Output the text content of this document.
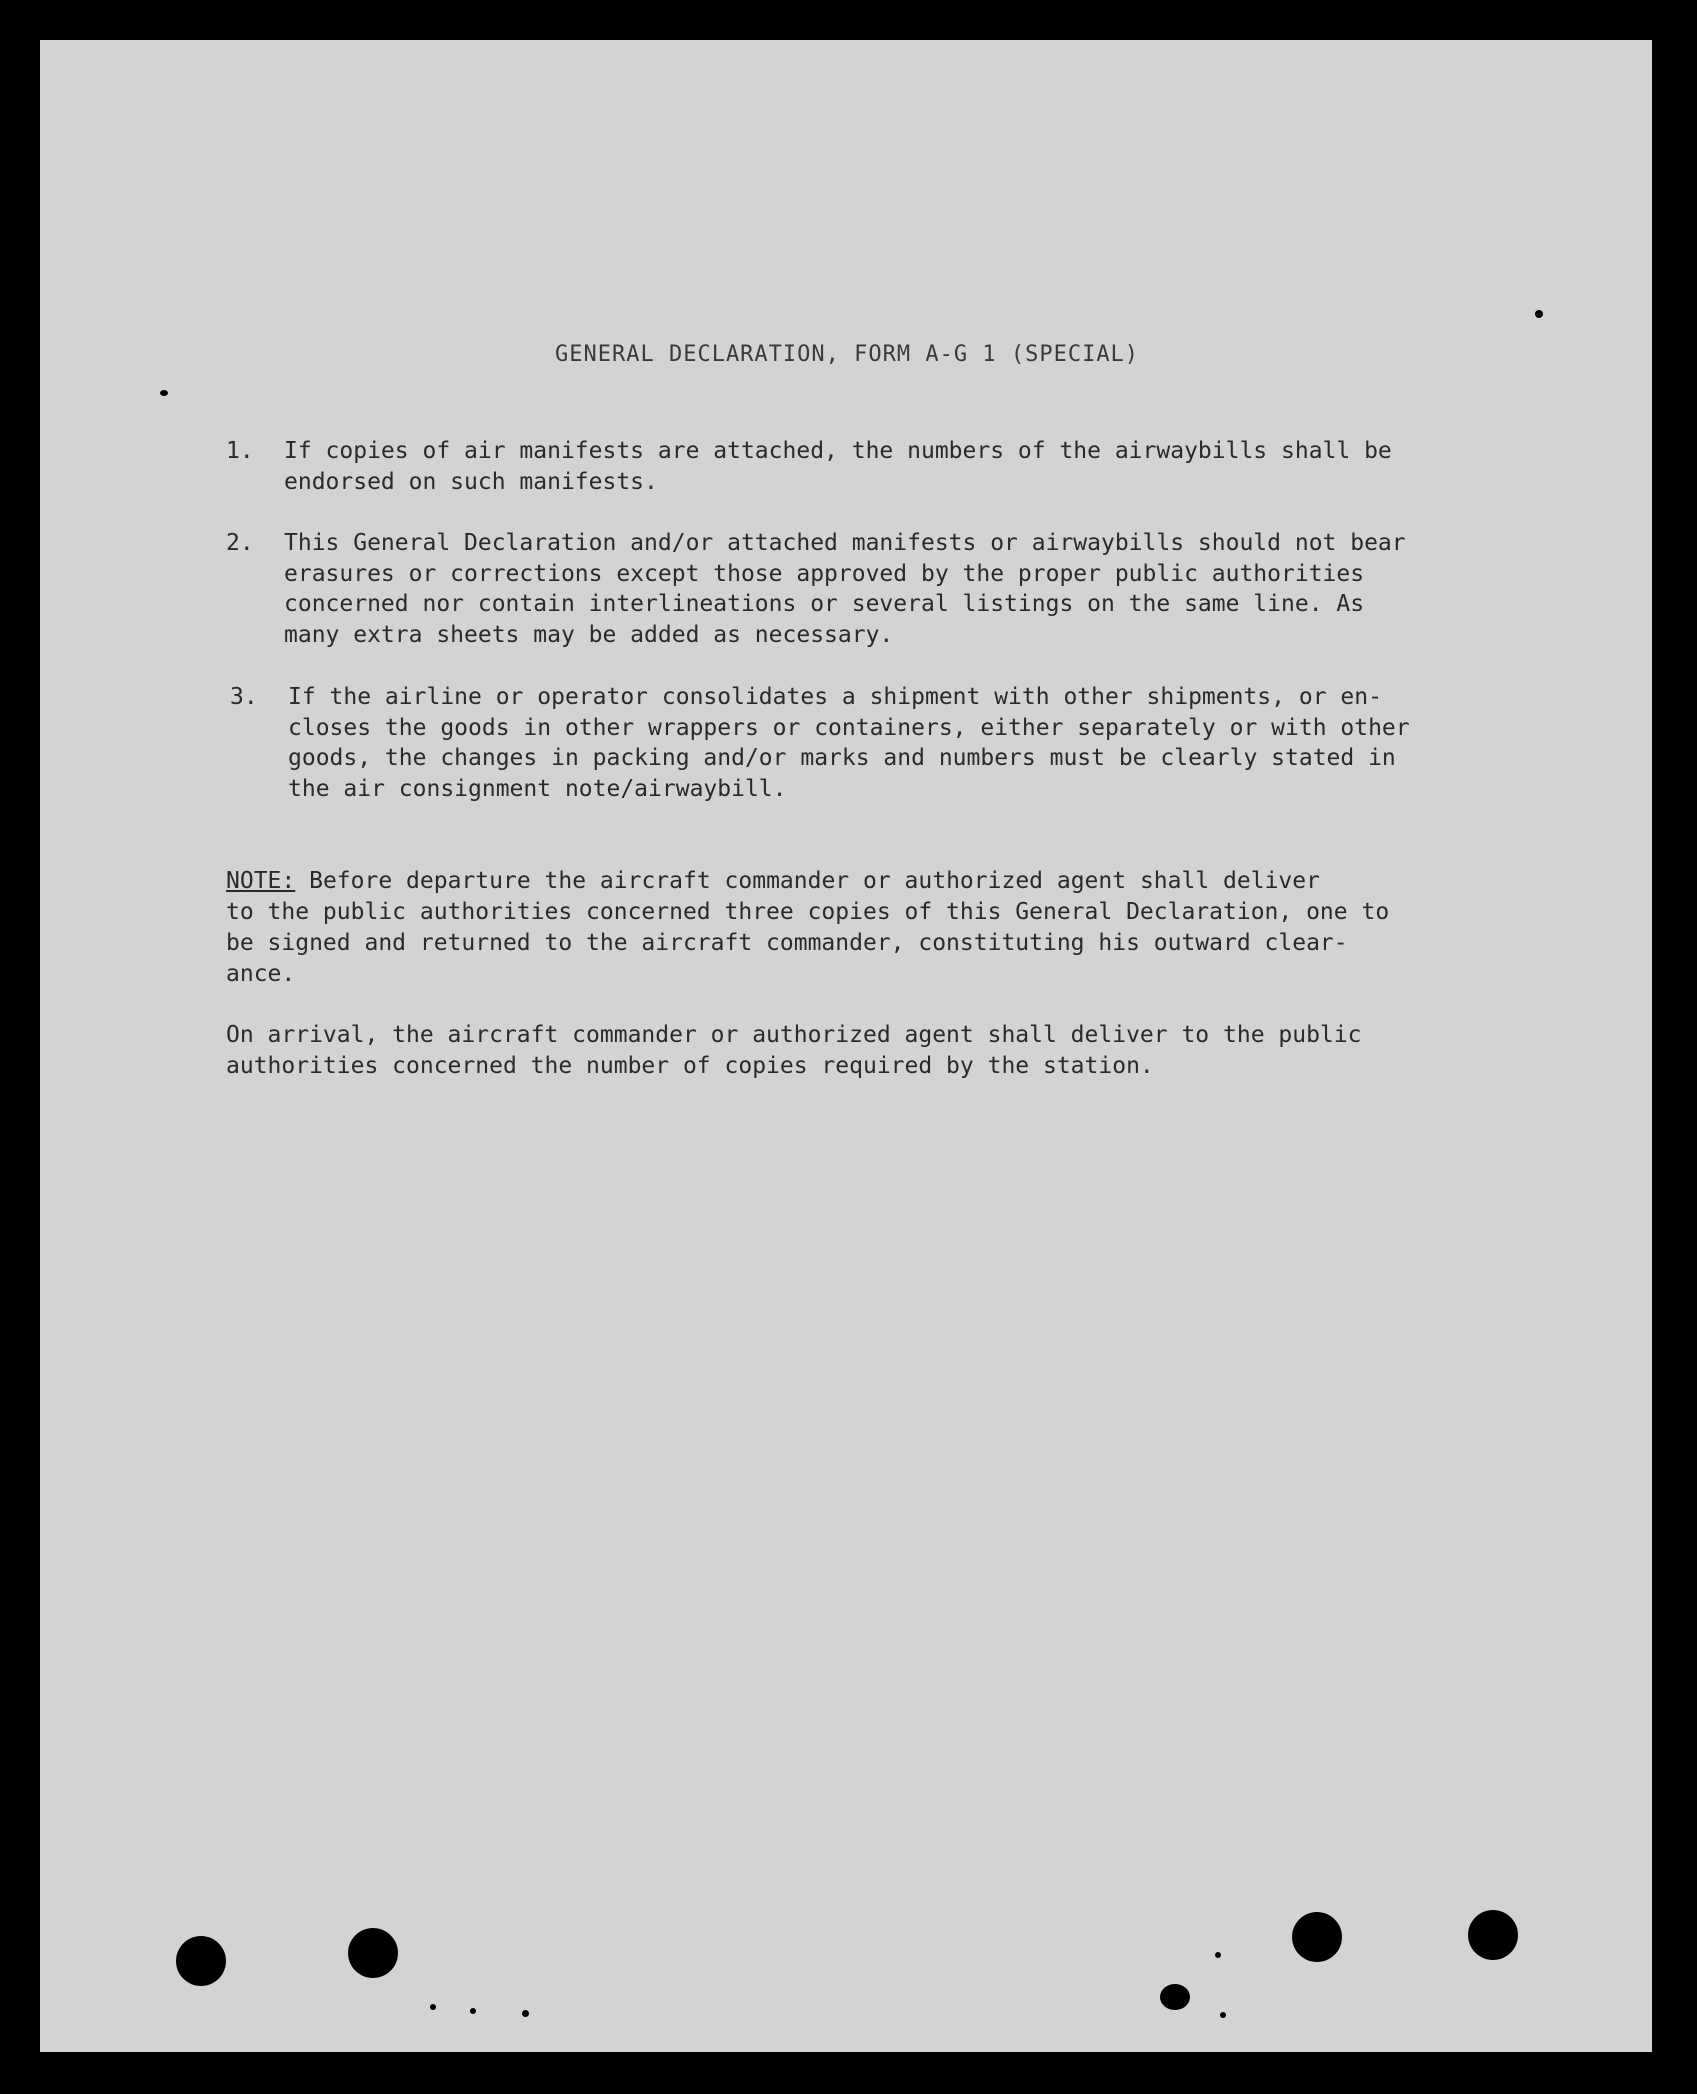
GENERAL DECLARATION, FORM A-G 1 (SPECIAL)
1.	If copies of air manifests are attached, the numbers of the airwaybills shall be
endorsed on such manifests.
2.	This General Declaration and/or attached manifests or airwaybills should not bear
erasures or corrections except those approved by the proper public authorities
concerned nor contain interlineations or several listings on the same line. As
many extra sheets may be added as necessary.
3.	If the airline or operator consolidates a shipment with other shipments, or en-
closes the goods in other wrappers or containers, either separately or with other
goods, the changes in packing and/or marks and numbers must be clearly stated in
the air consignment note/airwaybill.
NOTE: Before departure the aircraft commander or authorized agent shall deliver
to the public authorities concerned three copies of this General Declaration, one to
be signed and returned to the aircraft commander, constituting his outward clear-
ance.
On arrival, the aircraft commander or authorized agent shall deliver to the public
authorities concerned the number of copies required by the station.
